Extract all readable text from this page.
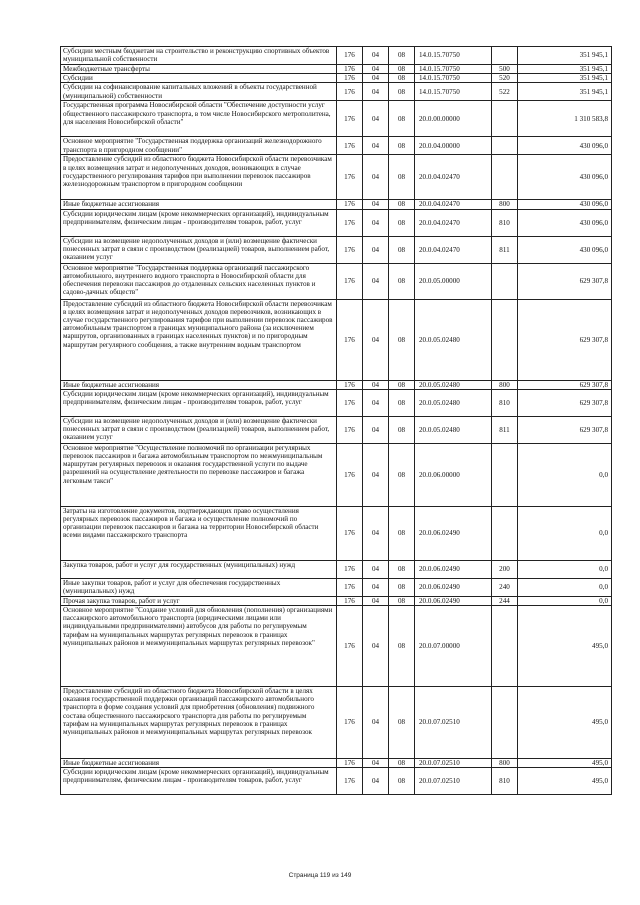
Субсидии местным бюджетам на строительство и реконструкцию спортивных объектов муниципальной собственности	176	04	08	14.0.15.70750		351 945,1
Межбюджетные трансферты	176	04	08	14.0.15.70750	500	351 945,1
Субсидии	176	04	08	14.0.15.70750	520	351 945,1
Субсидии на софинансирование капитальных вложений в объекты государственной (муниципальной) собственности	176	04	08	14.0.15.70750	522	351 945,1
Государственная программа Новосибирской области "Обеспечение доступности услуг общественного пассажирского транспорта, в том числе Новосибирского метрополитена, для населения Новосибирской области"	176	04	08	20.0.00.00000		1 310 583,8
Основное мероприятие "Государственная поддержка организаций железнодорожного транспорта в пригородном сообщении"	176	04	08	20.0.04.00000		430 096,0
Предоставление субсидий из областного бюджета Новосибирской области перевозчикам в целях возмещения затрат и недополученных доходов, возникающих в случае государственного регулирования тарифов при выполнении перевозок пассажиров железнодорожным транспортом в пригородном сообщении	176	04	08	20.0.04.02470		430 096,0
Иные бюджетные ассигнования	176	04	08	20.0.04.02470	800	430 096,0
Субсидии юридическим лицам (кроме некоммерческих организаций), индивидуальным предпринимателям, физическим лицам - производителям товаров, работ, услуг	176	04	08	20.0.04.02470	810	430 096,0
Субсидии на возмещение недополученных доходов и (или) возмещение фактически понесенных затрат в связи с производством (реализацией) товаров, выполнением работ, оказанием услуг	176	04	08	20.0.04.02470	811	430 096,0
Основное мероприятие "Государственная поддержка организаций пассажирского автомобильного, внутреннего водного транспорта в Новосибирской области для обеспечения перевозки пассажиров до отдаленных сельских населенных пунктов и садово-дачных обществ"	176	04	08	20.0.05.00000		629 307,8
Предоставление субсидий из областного бюджета Новосибирской области перевозчикам в целях возмещения затрат и недополученных доходов перевозчиков, возникающих в случае государственного регулирования тарифов при выполнении перевозок пассажиров автомобильным транспортом в границах муниципального района (за исключением маршрутов, организованных в границах населенных пунктов) и по пригородным маршрутам регулярного сообщения, а также внутренним водным транспортом	176	04	08	20.0.05.02480		629 307,8
Иные бюджетные ассигнования	176	04	08	20.0.05.02480	800	629 307,8
Субсидии юридическим лицам (кроме некоммерческих организаций), индивидуальным предпринимателям, физическим лицам - производителям товаров, работ, услуг	176	04	08	20.0.05.02480	810	629 307,8
Субсидии на возмещение недополученных доходов и (или) возмещение фактически понесенных затрат в связи с производством (реализацией) товаров, выполнением работ, оказанием услуг	176	04	08	20.0.05.02480	811	629 307,8
Основное мероприятие "Осуществление полномочий по организации регулярных перевозок пассажиров и багажа автомобильным транспортом по межмуниципальным маршрутам регулярных перевозок и оказания государственной услуги по выдаче разрешений на осуществление деятельности по перевозке пассажиров и багажа легковым такси"	176	04	08	20.0.06.00000		0,0
Затраты на изготовление документов, подтверждающих право осуществления регулярных перевозок пассажиров и багажа и осуществление полномочий по организации перевозок пассажиров и багажа на территории Новосибирской области всеми видами пассажирского транспорта	176	04	08	20.0.06.02490		0,0
Закупка товаров, работ и услуг для государственных (муниципальных) нужд	176	04	08	20.0.06.02490	200	0,0
Иные закупки товаров, работ и услуг для обеспечения государственных (муниципальных) нужд	176	04	08	20.0.06.02490	240	0,0
Прочая закупка товаров, работ и услуг	176	04	08	20.0.06.02490	244	0,0
Основное мероприятие "Создание условий для обновления (пополнения) организациями пассажирского автомобильного транспорта (юридическими лицами или индивидуальными предпринимателями) автобусов для работы по регулируемым тарифам на муниципальных маршрутах регулярных перевозок в границах муниципальных районов и межмуниципальных маршрутах регулярных перевозок"	176	04	08	20.0.07.00000		495,0
Предоставление субсидий из областного бюджета Новосибирской области в целях оказания государственной поддержки организаций пассажирского автомобильного транспорта в форме создания условий для приобретения (обновления) подвижного состава общественного пассажирского транспорта для работы по регулируемым тарифам на муниципальных маршрутах регулярных перевозок в границах муниципальных районов и межмуниципальных маршрутах регулярных перевозок	176	04	08	20.0.07.02510		495,0
Иные бюджетные ассигнования	176	04	08	20.0.07.02510	800	495,0
Субсидии юридическим лицам (кроме некоммерческих организаций), индивидуальным предпринимателям, физическим лицам - производителям товаров, работ, услуг	176	04	08	20.0.07.02510	810	495,0
Страница 119 из 149
